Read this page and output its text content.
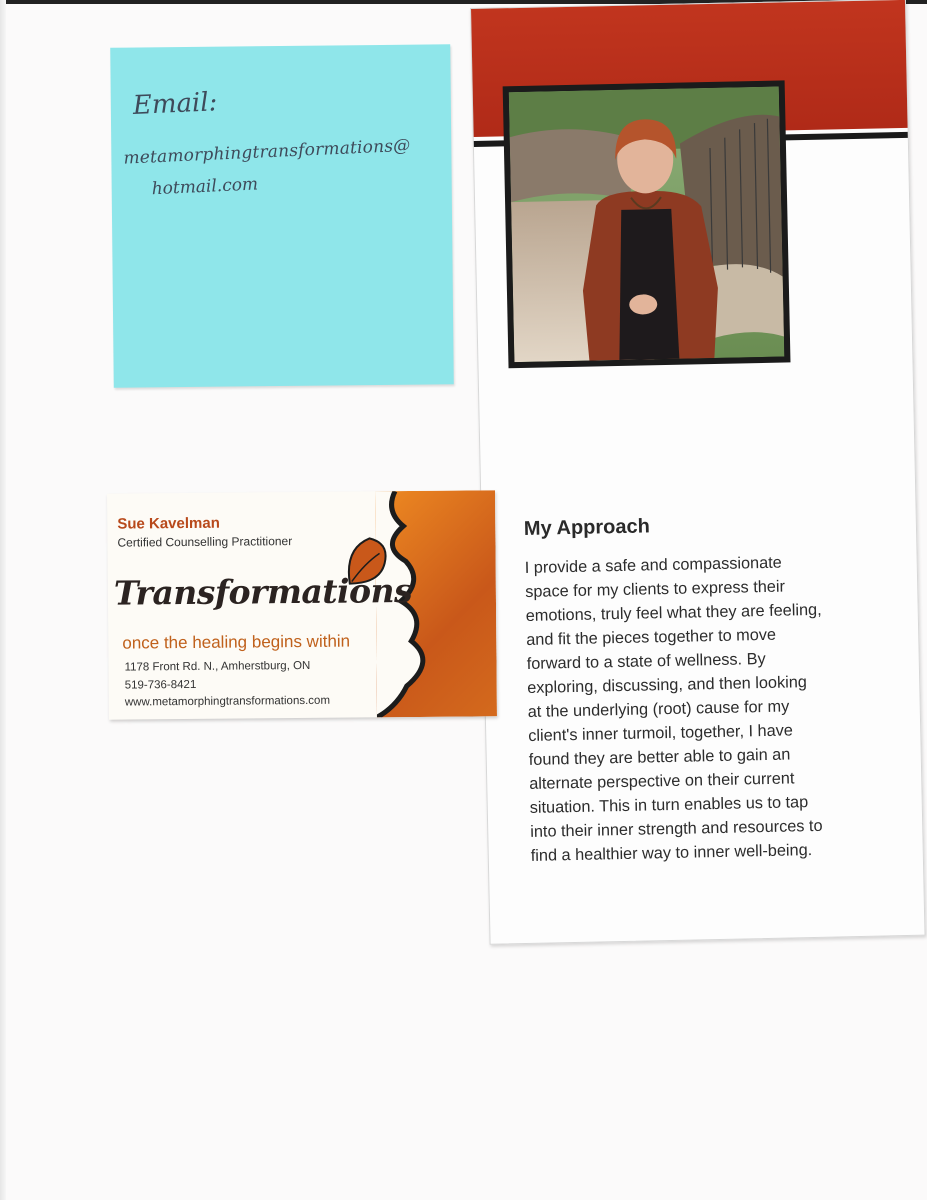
Email:
metamorphingtransformations@
hotmail.com
My Approach
I provide a safe and compassionate
space for my clients to express their
emotions, truly feel what they are feeling,
and fit the pieces together to move
forward to a state of wellness. By
exploring, discussing, and then looking
at the underlying (root) cause for my
client's inner turmoil, together, I have
found they are better able to gain an
alternate perspective on their current
situation. This in turn enables us to tap
into their inner strength and resources to
find a healthier way to inner well-being.
Sue Kavelman
Certified Counselling Practitioner
Transformations
once the healing begins within
1178 Front Rd. N., Amherstburg, ON
519-736-8421
www.metamorphingtransformations.com
